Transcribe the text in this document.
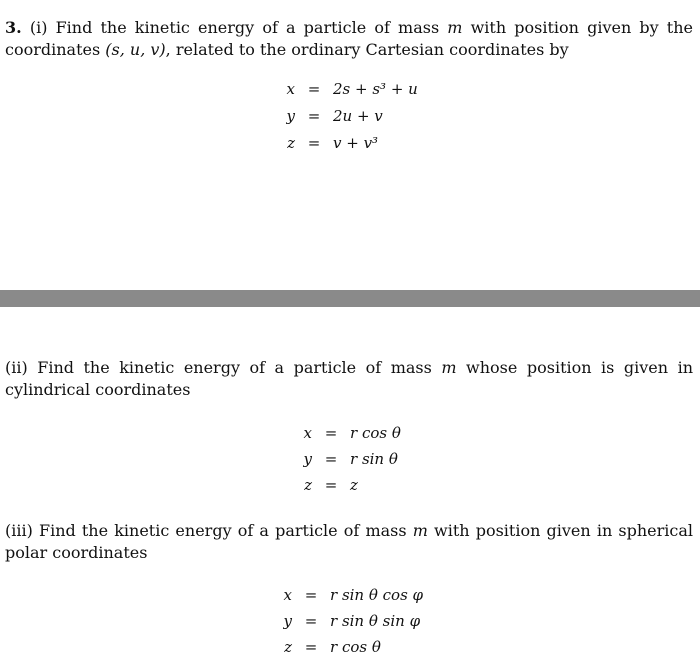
3. (i) Find the kinetic energy of a particle of mass m with position given by the coordinates (s, u, v), related to the ordinary Cartesian coordinates by
x = 2s + s³ + u
y = 2u + v
z = v + v³
(ii) Find the kinetic energy of a particle of mass m whose position is given in cylindrical coordinates
x = r cos θ
y = r sin θ
z = z
(iii) Find the kinetic energy of a particle of mass m with position given in spherical polar coordinates
x = r sin θ cos φ
y = r sin θ sin φ
z = r cos θ
